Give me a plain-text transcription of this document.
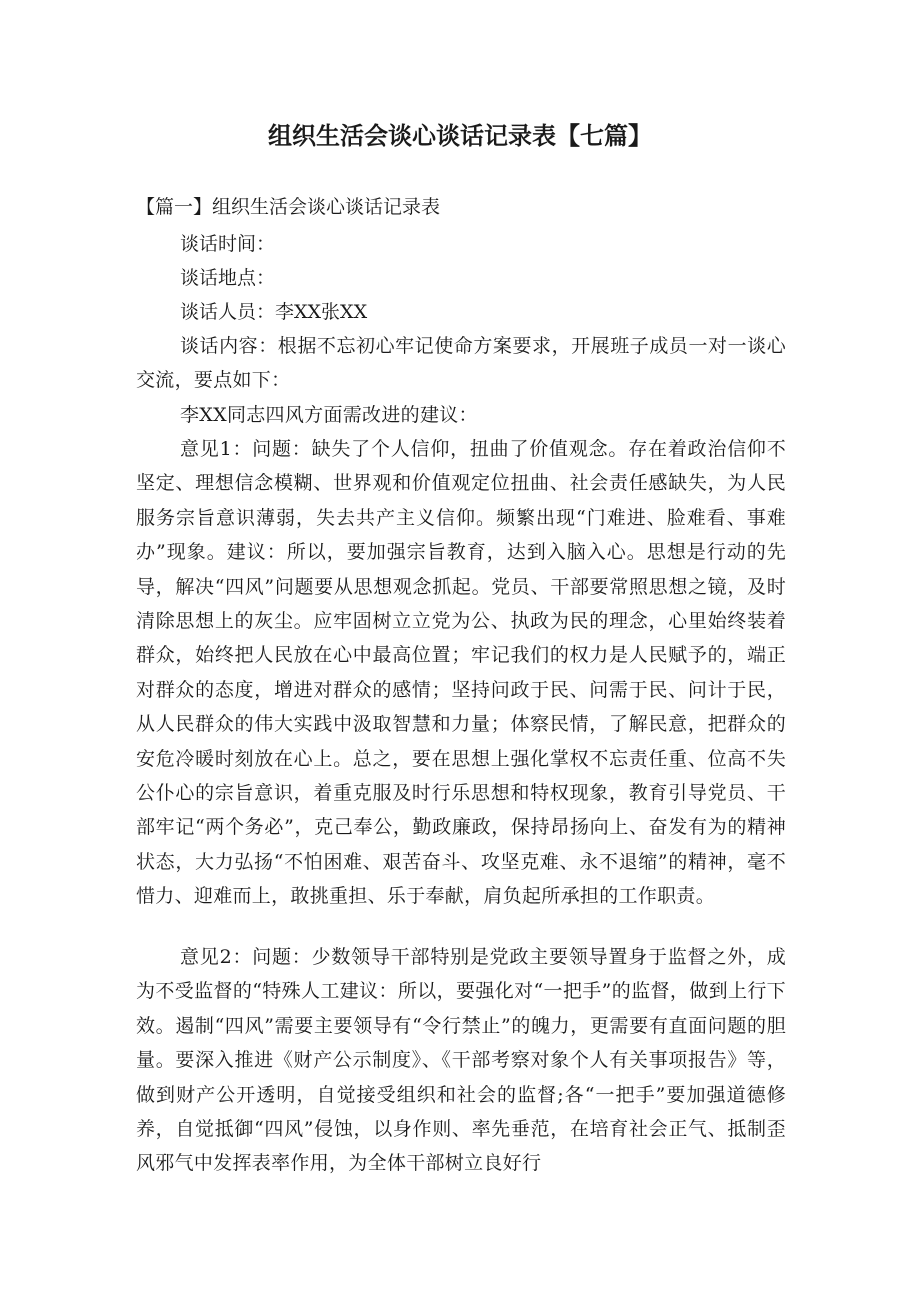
组织生活会谈心谈话记录表【七篇】
【篇一】组织生活会谈心谈话记录表
谈话时间：
谈话地点：
谈话人员：李XX张XX

谈话内容：根据不忘初心牢记使命方案要求，开展班子成员一对一谈心交流，要点如下：

李XX同志四风方面需改进的建议：

意见1：问题：缺失了个人信仰，扭曲了价值观念。存在着政治信仰不坚定、理想信念模糊、世界观和价值观定位扭曲、社会责任感缺失，为人民服务宗旨意识薄弱，失去共产主义信仰。频繁出现“门难进、脸难看、事难办”现象。建议：所以，要加强宗旨教育，达到入脑入心。思想是行动的先导，解决“四风”问题要从思想观念抓起。党员、干部要常照思想之镜，及时清除思想上的灰尘。应牢固树立立党为公、执政为民的理念，心里始终装着群众，始终把人民放在心中最高位置；牢记我们的权力是人民赋予的，端正对群众的态度，增进对群众的感情；坚持问政于民、问需于民、问计于民，从人民群众的伟大实践中汲取智慧和力量；体察民情，了解民意，把群众的安危冷暖时刻放在心上。总之，要在思想上强化掌权不忘责任重、位高不失公仆心的宗旨意识，着重克服及时行乐思想和特权现象，教育引导党员、干部牢记“两个务必”，克己奉公，勤政廉政，保持昂扬向上、奋发有为的精神状态，大力弘扬“不怕困难、艰苦奋斗、攻坚克难、永不退缩”的精神，毫不惜力、迎难而上，敢挑重担、乐于奉献，肩负起所承担的工作职责。

意见2：问题：少数领导干部特别是党政主要领导置身于监督之外，成为不受监督的“特殊人工建议：所以，要强化对“一把手”的监督，做到上行下效。遏制“四风”需要主要领导有“令行禁止”的魄力，更需要有直面问题的胆量。要深入推进《财产公示制度》、《干部考察对象个人有关事项报告》等，做到财产公开透明，自觉接受组织和社会的监督;各“一把手”要加强道德修养，自觉抵御“四风”侵蚀，以身作则、率先垂范，在培育社会正气、抵制歪风邪气中发挥表率作用，为全体干部树立良好行
